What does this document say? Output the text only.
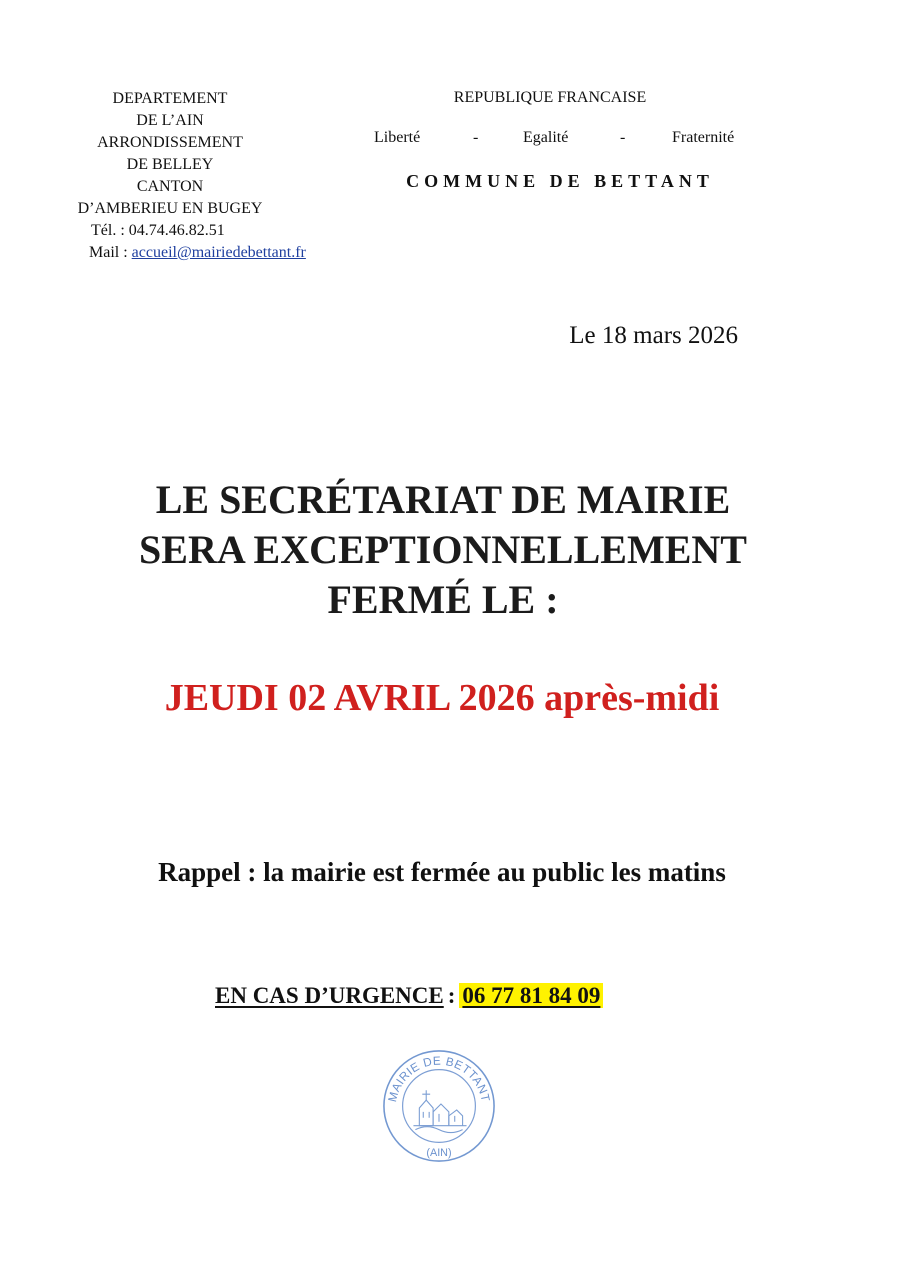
DEPARTEMENT
DE L’AIN
ARRONDISSEMENT
DE BELLEY
CANTON
D’AMBERIEU EN BUGEY
Tél. : 04.74.46.82.51
Mail : accueil@mairiedebettant.fr
REPUBLIQUE FRANCAISE
Liberté	-	Egalité	-	Fraternité
COMMUNE DE BETTANT
Le 18 mars 2026
LE SECRÉTARIAT DE MAIRIE
SERA EXCEPTIONNELLEMENT
FERMÉ LE :
JEUDI 02 AVRIL 2026 après-midi
Rappel : la mairie est fermée au public les matins
EN CAS D’URGENCE : 06 77 81 84 09
MAIRIE DE BETTANT
(AIN)
